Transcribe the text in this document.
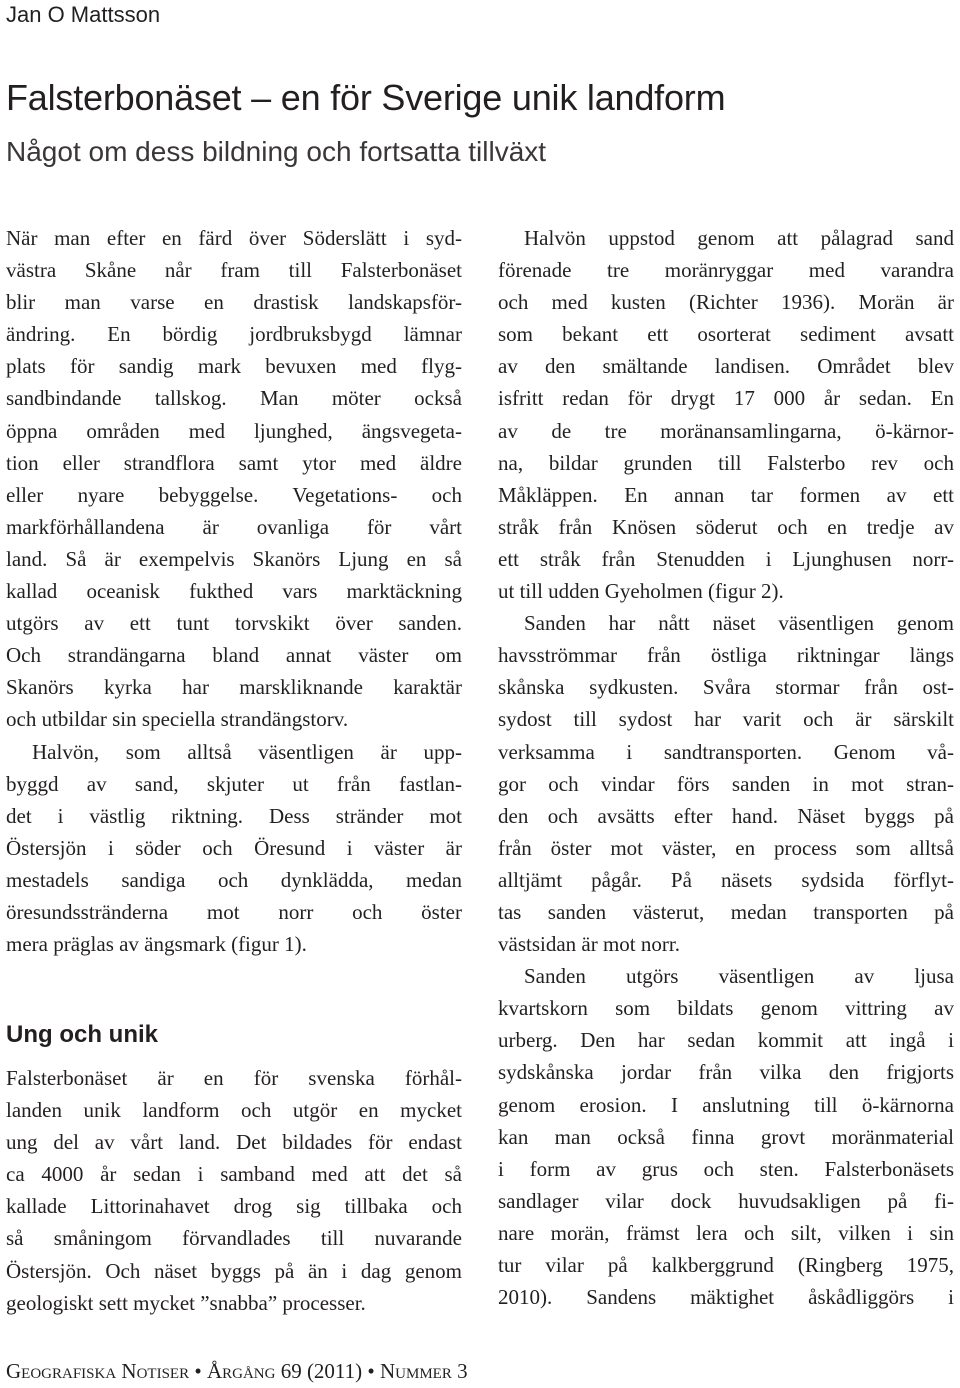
Jan O Mattsson
Falsterbonäset – en för Sverige unik landform
Något om dess bildning och fortsatta tillväxt
När man efter en färd över Söderslätt i syd-
västra Skåne når fram till Falsterbonäset
blir man varse en drastisk landskapsför-
ändring. En bördig jordbruksbygd lämnar
plats för sandig mark bevuxen med flyg-
sandbindande tallskog. Man möter också
öppna områden med ljunghed, ängsvegeta-
tion eller strandflora samt ytor med äldre
eller nyare bebyggelse. Vegetations- och
markförhållandena är ovanliga för vårt
land. Så är exempelvis Skanörs Ljung en så
kallad oceanisk fukthed vars marktäckning
utgörs av ett tunt torvskikt över sanden.
Och strandängarna bland annat väster om
Skanörs kyrka har marskliknande karaktär
och utbildar sin speciella strandängstorv.
Halvön, som alltså väsentligen är upp-
byggd av sand, skjuter ut från fastlan-
det i västlig riktning. Dess stränder mot
Östersjön i söder och Öresund i väster är
mestadels sandiga och dynklädda, medan
öresundsstränderna mot norr och öster
mera präglas av ängsmark (figur 1).
Ung och unik
Falsterbonäset är en för svenska förhål-
landen unik landform och utgör en mycket
ung del av vårt land. Det bildades för endast
ca 4000 år sedan i samband med att det så
kallade Littorinahavet drog sig tillbaka och
så småningom förvandlades till nuvarande
Östersjön. Och näset byggs på än i dag genom
geologiskt sett mycket ”snabba” processer.
Halvön uppstod genom att pålagrad sand
förenade tre moränryggar med varandra
och med kusten (Richter 1936). Morän är
som bekant ett osorterat sediment avsatt
av den smältande landisen. Området blev
isfritt redan för drygt 17 000 år sedan. En
av de tre moränansamlingarna, ö-kärnor-
na, bildar grunden till Falsterbo rev och
Måkläppen. En annan tar formen av ett
stråk från Knösen söderut och en tredje av
ett stråk från Stenudden i Ljunghusen norr-
ut till udden Gyeholmen (figur 2).
Sanden har nått näset väsentligen genom
havsströmmar från östliga riktningar längs
skånska sydkusten. Svåra stormar från ost-
sydost till sydost har varit och är särskilt
verksamma i sandtransporten. Genom vå-
gor och vindar förs sanden in mot stran-
den och avsätts efter hand. Näset byggs på
från öster mot väster, en process som alltså
alltjämt pågår. På näsets sydsida förflyt-
tas sanden västerut, medan transporten på
västsidan är mot norr.
Sanden utgörs väsentligen av ljusa
kvartskorn som bildats genom vittring av
urberg. Den har sedan kommit att ingå i
sydskånska jordar från vilka den frigjorts
genom erosion. I anslutning till ö-kärnorna
kan man också finna grovt moränmaterial
i form av grus och sten. Falsterbonäsets
sandlager vilar dock huvudsakligen på fi-
nare morän, främst lera och silt, vilken i sin
tur vilar på kalkberggrund (Ringberg 1975,
2010). Sandens mäktighet åskådliggörs i
Geografiska Notiser • Årgång 69 (2011) • Nummer 3
